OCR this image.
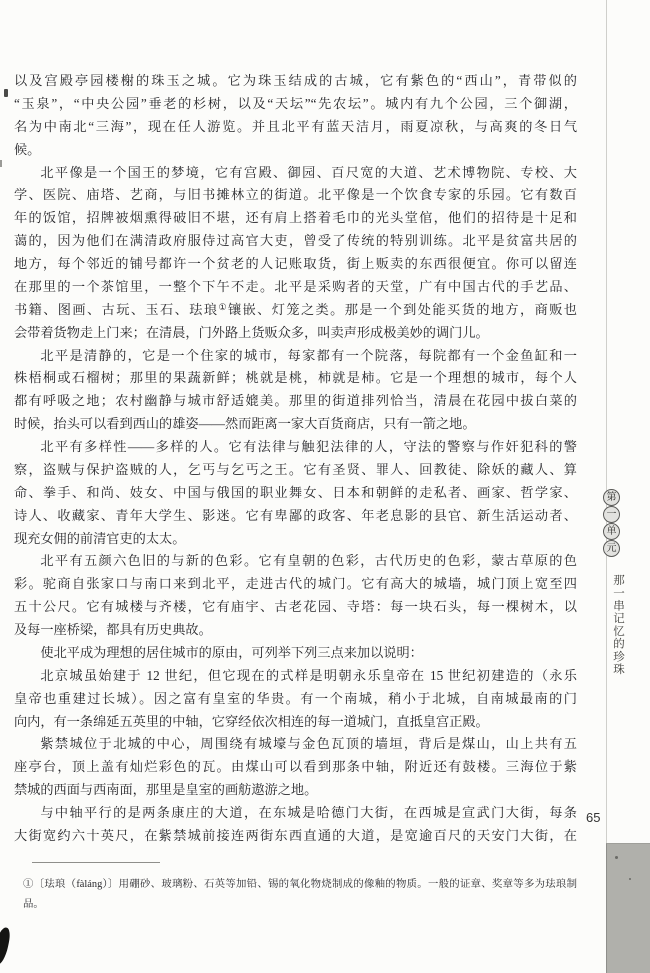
以及宫殿亭园楼榭的珠玉之城。它为珠玉结成的古城，它有紫色的“西山”，青带似的
“玉泉”，“中央公园”垂老的杉树，以及“天坛”“先农坛”。城内有九个公园，三个御湖，
名为中南北“三海”，现在任人游览。并且北平有蓝天洁月，雨夏凉秋，与高爽的冬日气
候。
北平像是一个国王的梦境，它有宫殿、御园、百尺宽的大道、艺术博物院、专校、大
学、医院、庙塔、艺商，与旧书摊林立的街道。北平像是一个饮食专家的乐园。它有数百
年的饭馆，招牌被烟熏得破旧不堪，还有肩上搭着毛巾的光头堂倌，他们的招待是十足和
蔼的，因为他们在满清政府服侍过高官大吏，曾受了传统的特别训练。北平是贫富共居的
地方，每个邻近的铺号都许一个贫老的人记账取货，街上贩卖的东西很便宜。你可以留连
在那里的一个茶馆里，一整个下午不走。北平是采购者的天堂，广有中国古代的手艺品、
书籍、图画、古玩、玉石、珐琅①镶嵌、灯笼之类。那是一个到处能买货的地方，商贩也
会带着货物走上门来；在清晨，门外路上货贩众多，叫卖声形成极美妙的调门儿。
北平是清静的，它是一个住家的城市，每家都有一个院落，每院都有一个金鱼缸和一
株梧桐或石榴树；那里的果蔬新鲜；桃就是桃，柿就是柿。它是一个理想的城市，每个人
都有呼吸之地；农村幽静与城市舒适媲美。那里的街道排列恰当，清晨在花园中拔白菜的
时候，抬头可以看到西山的雄姿——然而距离一家大百货商店，只有一箭之地。
北平有多样性——多样的人。它有法律与触犯法律的人，守法的警察与作奸犯科的警
察，盗贼与保护盗贼的人，乞丐与乞丐之王。它有圣贤、罪人、回教徒、除妖的藏人、算
命、拳手、和尚、妓女、中国与俄国的职业舞女、日本和朝鲜的走私者、画家、哲学家、
诗人、收藏家、青年大学生、影迷。它有卑鄙的政客、年老息影的县官、新生活运动者、
现充女佣的前清官吏的太太。
北平有五颜六色旧的与新的色彩。它有皇朝的色彩，古代历史的色彩，蒙古草原的色
彩。驼商自张家口与南口来到北平，走进古代的城门。它有高大的城墙，城门顶上宽至四
五十公尺。它有城楼与齐楼，它有庙宇、古老花园、寺塔：每一块石头，每一棵树木，以
及每一座桥梁，都具有历史典故。
使北平成为理想的居住城市的原由，可列举下列三点来加以说明：
北京城虽始建于 12 世纪，但它现在的式样是明朝永乐皇帝在 15 世纪初建造的（永乐
皇帝也重建过长城）。因之富有皇室的华贵。有一个南城，稍小于北城，自南城最南的门
向内，有一条绵延五英里的中轴，它穿经依次相连的每一道城门，直抵皇宫正殿。
紫禁城位于北城的中心，周围绕有城壕与金色瓦顶的墙垣，背后是煤山，山上共有五
座亭台，顶上盖有灿烂彩色的瓦。由煤山可以看到那条中轴，附近还有鼓楼。三海位于紫
禁城的西面与西南面，那里是皇室的画舫遨游之地。
与中轴平行的是两条康庄的大道，在东城是哈德门大街，在西城是宣武门大街，每条
大街宽约六十英尺，在紫禁城前接连两街东西直通的大道，是宽逾百尺的天安门大街，在
①〔珐琅（fàláng）〕用硼砂、玻璃粉、石英等加铅、锡的氧化物烧制成的像釉的物质。一般的证章、奖章等多为珐琅制
品。
第
一
单
元
那一串记忆的珍珠
65
